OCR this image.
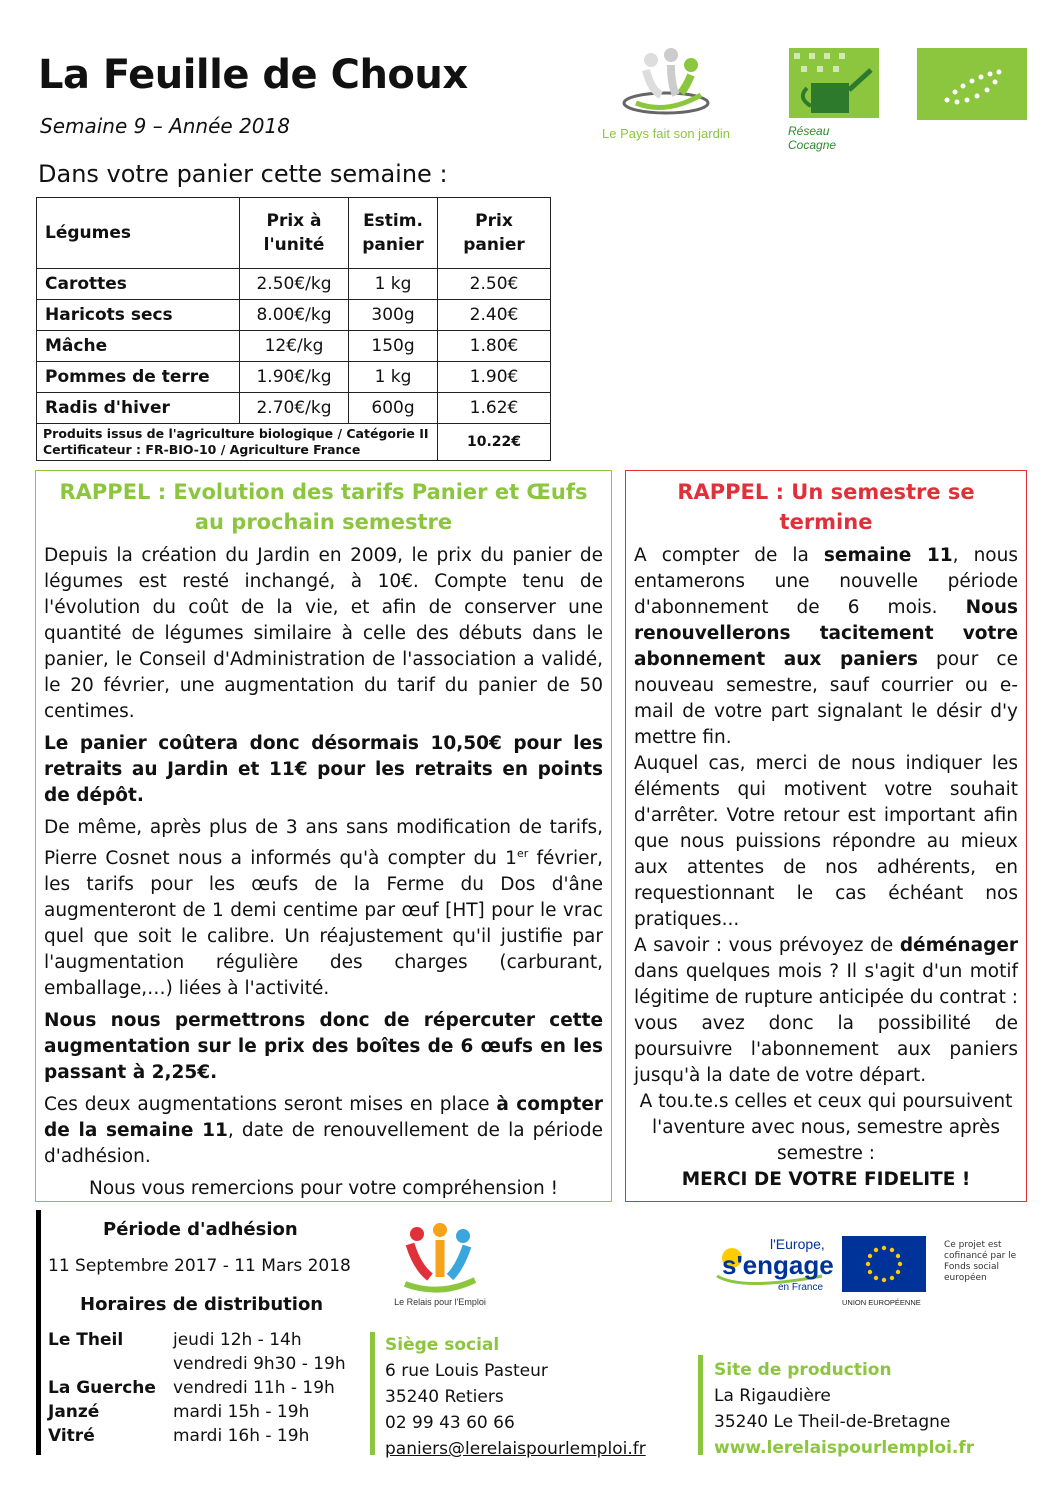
La Feuille de Choux
Semaine 9 – Année 2018
Dans votre panier cette semaine :
Le Pays fait son jardin	Réseau Cocagne
Légumes	Prix à l'unité	Estim. panier	Prix panier
Carottes	2.50€/kg	1 kg	2.50€
Haricots secs	8.00€/kg	300g	2.40€
Mâche	12€/kg	150g	1.80€
Pommes de terre	1.90€/kg	1 kg	1.90€
Radis d'hiver	2.70€/kg	600g	1.62€

Produits issus de l'agriculture biologique / Catégorie II
Certificateur : FR-BIO-10 / Agriculture France			10.22€
RAPPEL : Evolution des tarifs Panier et Œufs au prochain semestre

Depuis la création du Jardin en 2009, le prix du panier de légumes est resté inchangé, à 10€. Compte tenu de l'évolution du coût de la vie, et afin de conserver une quantité de légumes similaire à celle des débuts dans le panier, le Conseil d'Administration de l'association a validé, le 20 février, une augmentation du tarif du panier de 50 centimes.

Le panier coûtera donc désormais 10,50€ pour les retraits au Jardin et 11€ pour les retraits en points de dépôt.

De même, après plus de 3 ans sans modification de tarifs, Pierre Cosnet nous a informés qu'à compter du 1er février, les tarifs pour les œufs de la Ferme du Dos d'âne augmenteront de 1 demi centime par œuf [HT] pour le vrac quel que soit le calibre. Un réajustement qu'il justifie par l'augmentation régulière des charges (carburant, emballage,…) liées à l'activité.

Nous nous permettrons donc de répercuter cette augmentation sur le prix des boîtes de 6 œufs en les passant à 2,25€.

Ces deux augmentations seront mises en place à compter de la semaine 11, date de renouvellement de la période d'adhésion.

Nous vous remercions pour votre compréhension !

RAPPEL : Un semestre se termine

A compter de la semaine 11, nous entamerons une nouvelle période d'abonnement de 6 mois. Nous renouvellerons tacitement votre abonnement aux paniers pour ce nouveau semestre, sauf courrier ou e-mail de votre part signalant le désir d'y mettre fin.

Auquel cas, merci de nous indiquer les éléments qui motivent votre souhait d'arrêter. Votre retour est important afin que nous puissions répondre au mieux aux attentes de nos adhérents, en requestionnant le cas échéant nos pratiques...

A savoir : vous prévoyez de déménager dans quelques mois ? Il s'agit d'un motif légitime de rupture anticipée du contrat : vous avez donc la possibilité de poursuivre l'abonnement aux paniers jusqu'à la date de votre départ.

A tou.te.s celles et ceux qui poursuivent l'aventure avec nous, semestre après semestre :

MERCI DE VOTRE FIDELITE !

Période d'adhésion
11 Septembre 2017 - 11 Mars 2018
Horaires de distribution
Le Theil	jeudi 12h - 14h
vendredi 9h30 - 19h
La Guerche	vendredi 11h - 19h
Janzé	mardi 15h - 19h
Vitré	mardi 16h - 19h
Le Relais pour l'Emploi
l'Europe,
s'engage
en France
UNION EUROPÉENNE
Ce projet est cofinancé par le Fonds social européen
Siège social
6 rue Louis Pasteur
35240 Retiers
02 99 43 60 66
paniers@lerelaispourlemploi.fr
Site de production
La Rigaudière
35240 Le Theil-de-Bretagne
www.lerelaispourlemploi.fr
